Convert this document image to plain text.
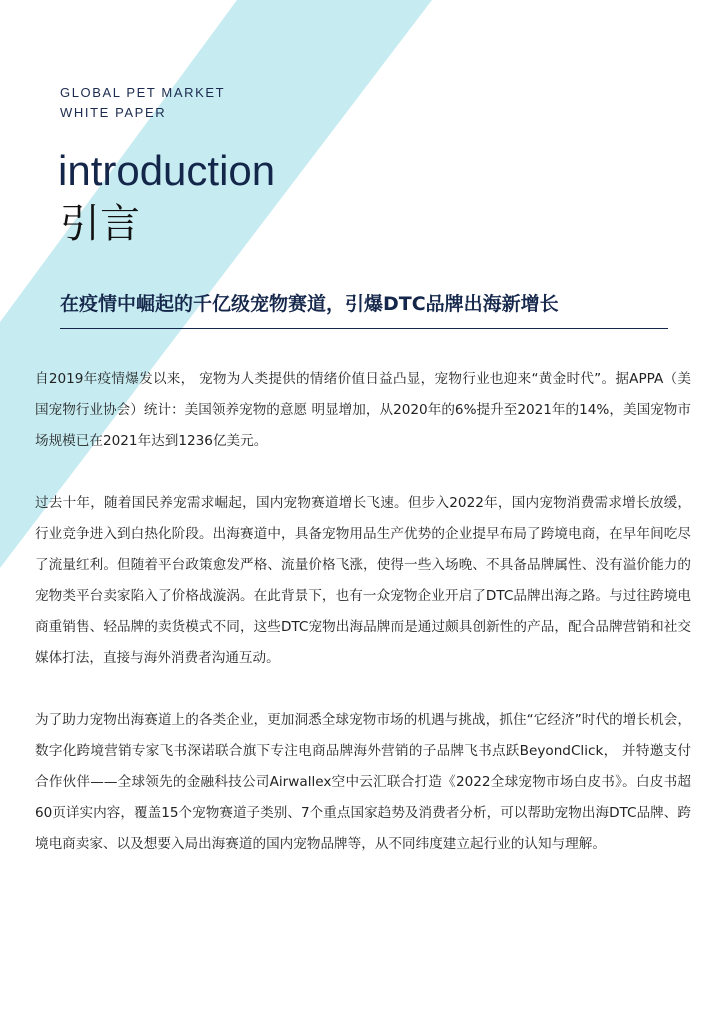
GLOBAL PET MARKET
WHITE PAPER
introduction
引言
在疫情中崛起的千亿级宠物赛道，引爆DTC品牌出海新增长

自2019年疫情爆发以来， 宠物为人类提供的情绪价值日益凸显，宠物行业也迎来“黄金时代”。据APPA（美国宠物行业协会）统计：美国领养宠物的意愿 明显增加，从2020年的6%提升至2021年的14%，美国宠物市场规模已在2021年达到1236亿美元。

过去十年，随着国民养宠需求崛起，国内宠物赛道增长飞速。但步入2022年，国内宠物消费需求增长放缓，行业竞争进入到白热化阶段。出海赛道中，具备宠物用品生产优势的企业提早布局了跨境电商，在早年间吃尽了流量红利。但随着平台政策愈发严格、流量价格飞涨，使得一些入场晚、不具备品牌属性、没有溢价能力的宠物类平台卖家陷入了价格战漩涡。在此背景下，也有一众宠物企业开启了DTC品牌出海之路。与过往跨境电商重销售、轻品牌的卖货模式不同，这些DTC宠物出海品牌而是通过颇具创新性的产品，配合品牌营销和社交媒体打法，直接与海外消费者沟通互动。

为了助力宠物出海赛道上的各类企业，更加洞悉全球宠物市场的机遇与挑战，抓住“它经济”时代的增长机会，数字化跨境营销专家飞书深诺联合旗下专注电商品牌海外营销的子品牌飞书点跃BeyondClick， 并特邀支付合作伙伴——全球领先的金融科技公司Airwallex空中云汇联合打造《2022全球宠物市场白皮书》。白皮书超60页详实内容，覆盖15个宠物赛道子类别、7个重点国家趋势及消费者分析，可以帮助宠物出海DTC品牌、跨境电商卖家、以及想要入局出海赛道的国内宠物品牌等，从不同纬度建立起行业的认知与理解。
